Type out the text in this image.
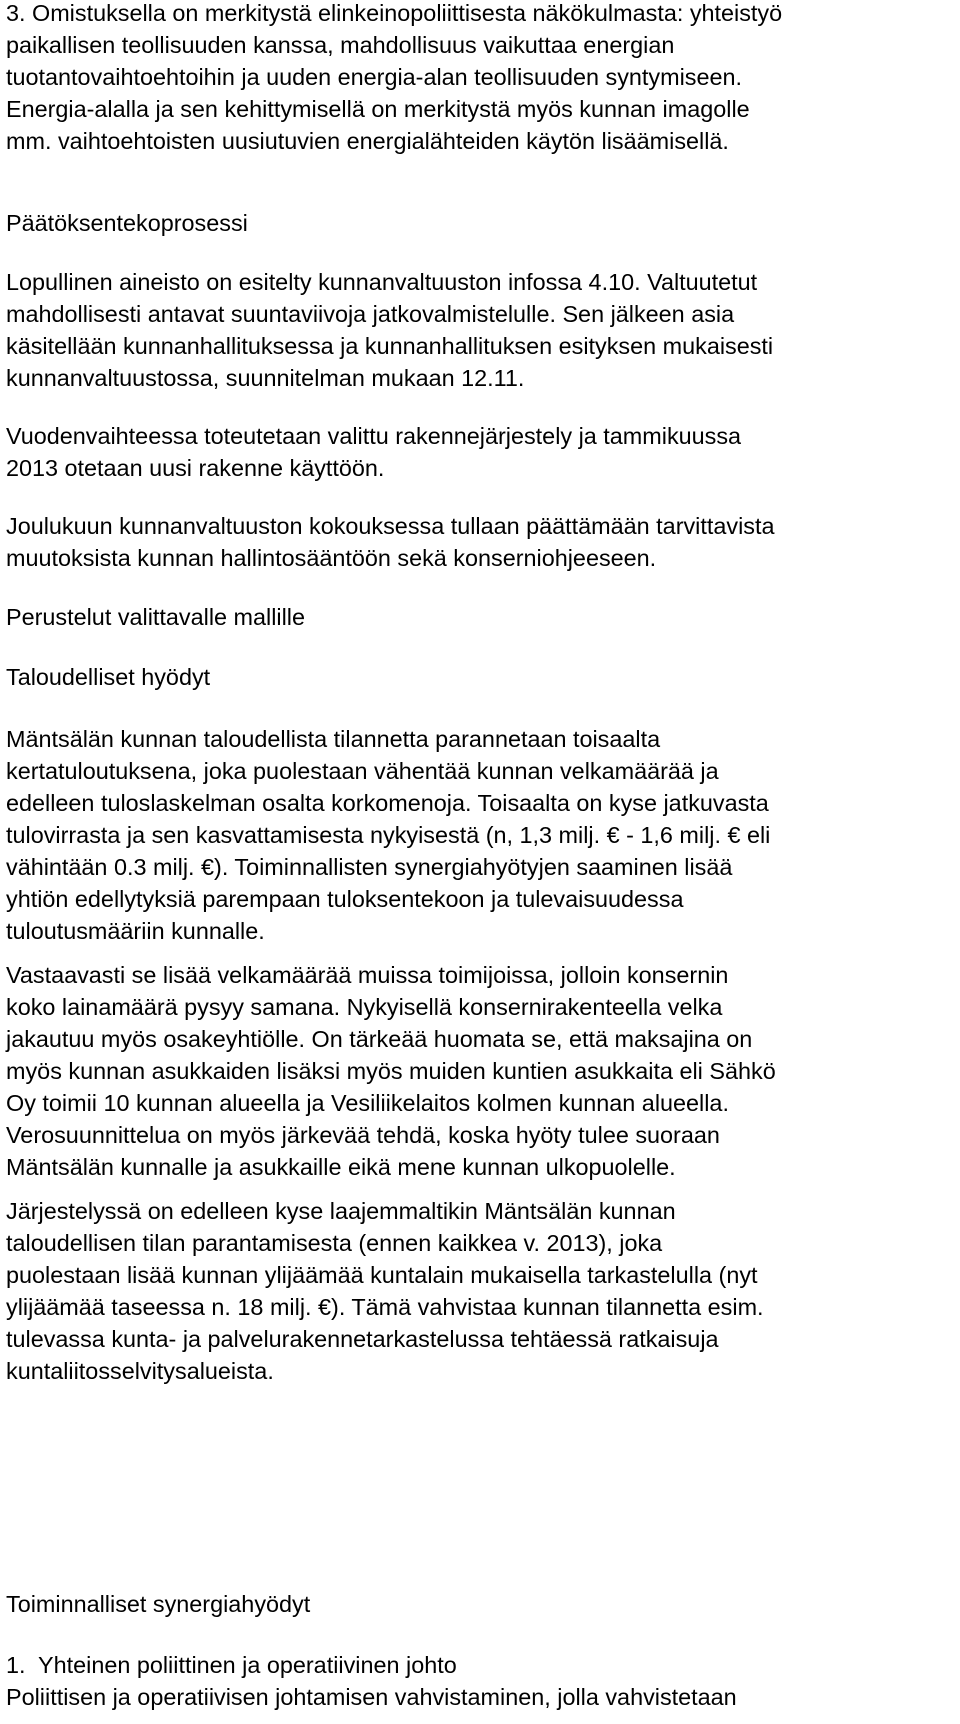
3. Omistuksella on merkitystä elinkeinopoliittisesta näkökulmasta: yhteistyö
paikallisen teollisuuden kanssa, mahdollisuus vaikuttaa energian
tuotantovaihtoehtoihin ja uuden energia-alan teollisuuden syntymiseen.
Energia-alalla ja sen kehittymisellä on merkitystä myös kunnan imagolle
mm. vaihtoehtoisten uusiutuvien energialähteiden käytön lisäämisellä.
Päätöksentekoprosessi
Lopullinen aineisto on esitelty kunnanvaltuuston infossa 4.10. Valtuutetut
mahdollisesti antavat suuntaviivoja jatkovalmistelulle. Sen jälkeen asia
käsitellään kunnanhallituksessa ja kunnanhallituksen esityksen mukaisesti
kunnanvaltuustossa, suunnitelman mukaan 12.11.
Vuodenvaihteessa toteutetaan valittu rakennejärjestely ja tammikuussa
2013 otetaan uusi rakenne käyttöön.
Joulukuun kunnanvaltuuston kokouksessa tullaan päättämään tarvittavista
muutoksista kunnan hallintosääntöön sekä konserniohjeeseen.
Perustelut valittavalle mallille
Taloudelliset hyödyt
Mäntsälän kunnan taloudellista tilannetta parannetaan toisaalta
kertatuloutuksena, joka puolestaan vähentää kunnan velkamäärää ja
edelleen tuloslaskelman osalta korkomenoja. Toisaalta on kyse jatkuvasta
tulovirrasta ja sen kasvattamisesta nykyisestä (n, 1,3 milj. € - 1,6 milj. € eli
vähintään 0.3 milj. €). Toiminnallisten synergiahyötyjen saaminen lisää
yhtiön edellytyksiä parempaan tuloksentekoon ja tulevaisuudessa
tuloutusmääriin kunnalle.
Vastaavasti se lisää velkamäärää muissa toimijoissa, jolloin konsernin
koko lainamäärä pysyy samana. Nykyisellä konsernirakenteella velka
jakautuu myös osakeyhtiölle. On tärkeää huomata se, että maksajina on
myös kunnan asukkaiden lisäksi myös muiden kuntien asukkaita eli Sähkö
Oy toimii 10 kunnan alueella ja Vesiliikelaitos kolmen kunnan alueella.
Verosuunnittelua on myös järkevää tehdä, koska hyöty tulee suoraan
Mäntsälän kunnalle ja asukkaille eikä mene kunnan ulkopuolelle.
Järjestelyssä on edelleen kyse laajemmaltikin Mäntsälän kunnan
taloudellisen tilan parantamisesta (ennen kaikkea v. 2013), joka
puolestaan lisää kunnan ylijäämää kuntalain mukaisella tarkastelulla (nyt
ylijäämää taseessa n. 18 milj. €). Tämä vahvistaa kunnan tilannetta esim.
tulevassa kunta- ja palvelurakennetarkastelussa tehtäessä ratkaisuja
kuntaliitosselvitysalueista.
Toiminnalliset synergiahyödyt
1. Yhteinen poliittinen ja operatiivinen johto
Poliittisen ja operatiivisen johtamisen vahvistaminen, jolla vahvistetaan
